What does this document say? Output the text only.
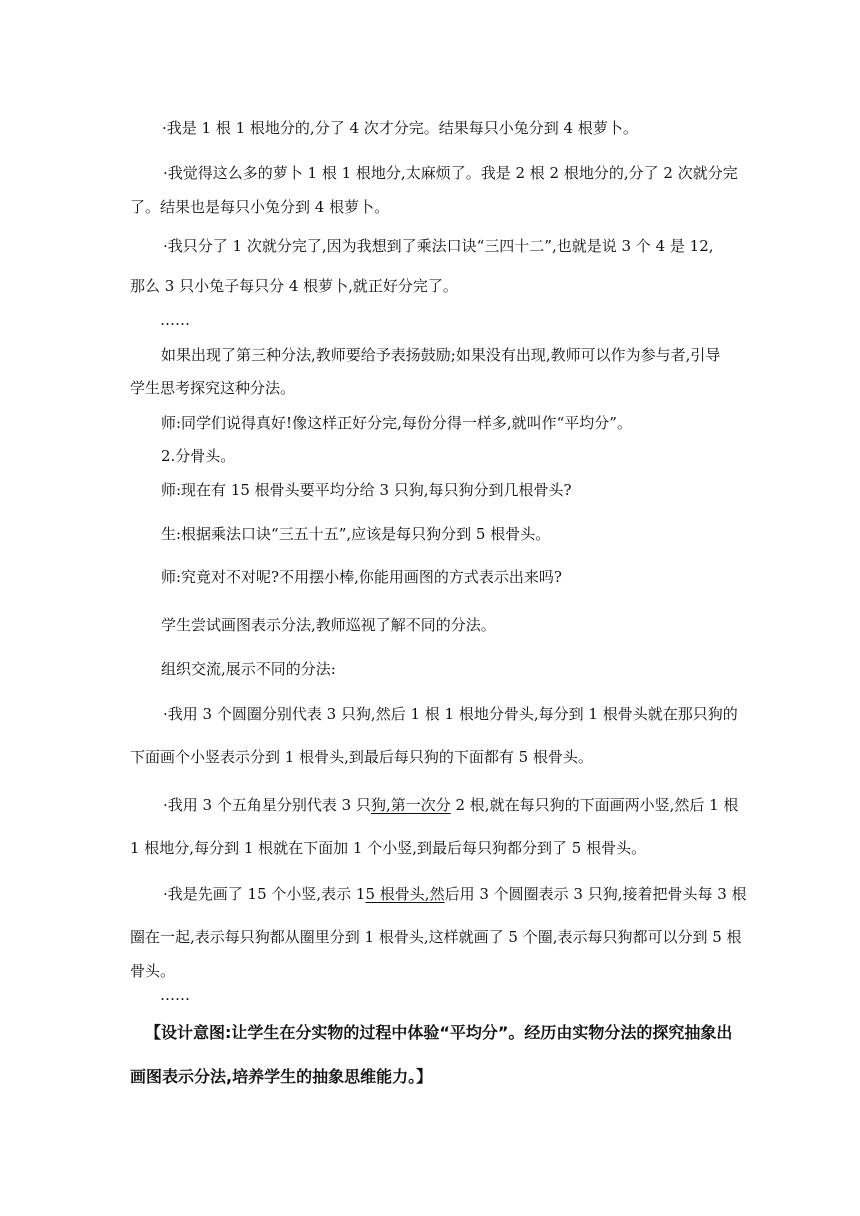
·我是 1 根 1 根地分的,分了 4 次才分完。结果每只小兔分到 4 根萝卜。
·我觉得这么多的萝卜 1 根 1 根地分,太麻烦了。我是 2 根 2 根地分的,分了 2 次就分完
了。结果也是每只小兔分到 4 根萝卜。
·我只分了 1 次就分完了,因为我想到了乘法口诀“三四十二”,也就是说 3 个 4 是 12,
那么 3 只小兔子每只分 4 根萝卜,就正好分完了。
……
如果出现了第三种分法,教师要给予表扬鼓励;如果没有出现,教师可以作为参与者,引导
学生思考探究这种分法。
师:同学们说得真好!像这样正好分完,每份分得一样多,就叫作“平均分”。
2.分骨头。
师:现在有 15 根骨头要平均分给 3 只狗,每只狗分到几根骨头?
生:根据乘法口诀“三五十五”,应该是每只狗分到 5 根骨头。
师:究竟对不对呢?不用摆小棒,你能用画图的方式表示出来吗?
学生尝试画图表示分法,教师巡视了解不同的分法。
组织交流,展示不同的分法:
·我用 3 个圆圈分别代表 3 只狗,然后 1 根 1 根地分骨头,每分到 1 根骨头就在那只狗的
下面画个小竖表示分到 1 根骨头,到最后每只狗的下面都有 5 根骨头。
·我用 3 个五角星分别代表 3 只狗,第一次分 2 根,就在每只狗的下面画两小竖,然后 1 根
1 根地分,每分到 1 根就在下面加 1 个小竖,到最后每只狗都分到了 5 根骨头。
·我是先画了 15 个小竖,表示 15 根骨头,然后用 3 个圆圈表示 3 只狗,接着把骨头每 3 根
圈在一起,表示每只狗都从圈里分到 1 根骨头,这样就画了 5 个圈,表示每只狗都可以分到 5 根
骨头。
……
【设计意图:让学生在分实物的过程中体验“平均分”。经历由实物分法的探究抽象出
画图表示分法,培养学生的抽象思维能力。】
